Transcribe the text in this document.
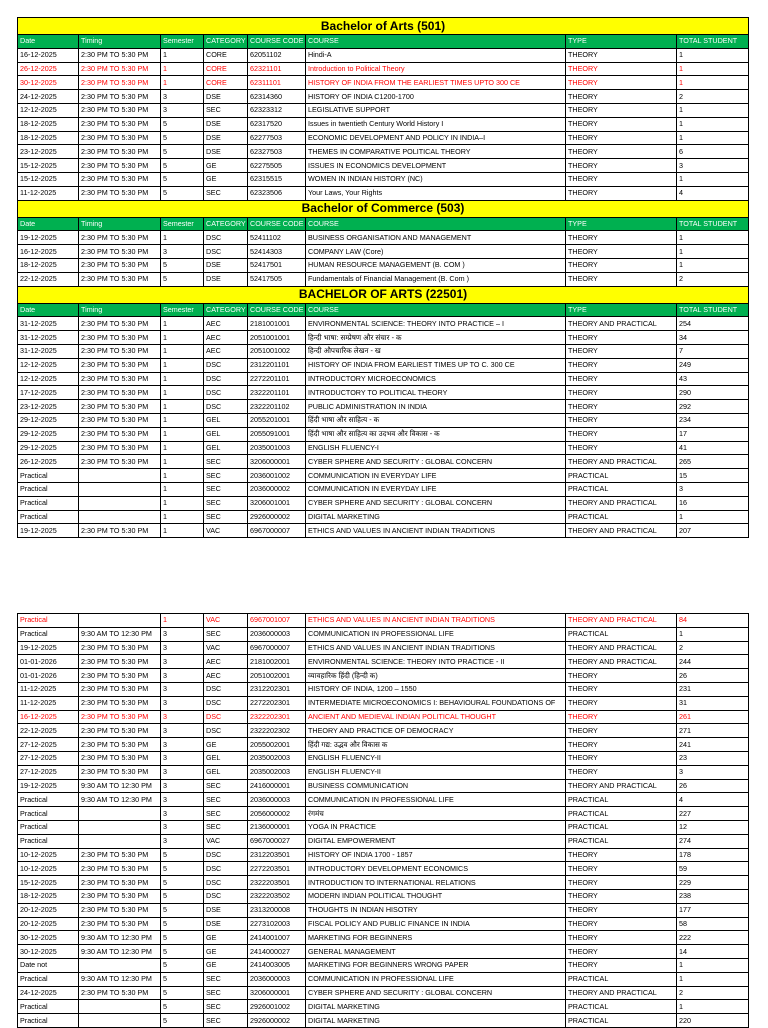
Bachelor of Arts (501)							
Date	Timing	Semester	CATEGORY	COURSE CODE	COURSE	TYPE	TOTAL STUDENT
16-12-2025	2:30 PM TO 5:30 PM	1	CORE	62051102	Hindi-A	THEORY	1
26-12-2025	2:30 PM TO 5:30 PM	1	CORE	62321101	Introduction to Political Theory	THEORY	1
30-12-2025	2:30 PM TO 5:30 PM	1	CORE	62311101	HISTORY OF INDIA FROM THE EARLIEST TIMES UPTO 300 CE	THEORY	1
24-12-2025	2:30 PM TO 5:30 PM	3	DSE	62314360	HISTORY OF INDIA C1200-1700	THEORY	2
12-12-2025	2:30 PM TO 5:30 PM	3	SEC	62323312	LEGISLATIVE SUPPORT	THEORY	1
18-12-2025	2:30 PM TO 5:30 PM	5	DSE	62317520	Issues in twentieth Century World History I	THEORY	1
18-12-2025	2:30 PM TO 5:30 PM	5	DSE	62277503	ECONOMIC DEVELOPMENT AND POLICY IN INDIA–I	THEORY	1
23-12-2025	2:30 PM TO 5:30 PM	5	DSE	62327503	THEMES IN COMPARATIVE POLITICAL THEORY	THEORY	6
15-12-2025	2:30 PM TO 5:30 PM	5	GE	62275505	ISSUES IN ECONOMICS DEVELOPMENT	THEORY	3
15-12-2025	2:30 PM TO 5:30 PM	5	GE	62315515	WOMEN IN INDIAN HISTORY (NC)	THEORY	1
11-12-2025	2:30 PM TO 5:30 PM	5	SEC	62323506	Your Laws, Your Rights	THEORY	4
Bachelor of Commerce (503)							
Date	Timing	Semester	CATEGORY	COURSE CODE	COURSE	TYPE	TOTAL STUDENT
19-12-2025	2:30 PM TO 5:30 PM	1	DSC	52411102	BUSINESS ORGANISATION AND MANAGEMENT	THEORY	1
16-12-2025	2:30 PM TO 5:30 PM	3	DSC	52414303	COMPANY LAW (Core)	THEORY	1
18-12-2025	2:30 PM TO 5:30 PM	5	DSE	52417501	HUMAN RESOURCE MANAGEMENT (B. COM )	THEORY	1
22-12-2025	2:30 PM TO 5:30 PM	5	DSE	52417505	Fundamentals of Financial Management (B. Com )	THEORY	2
BACHELOR OF ARTS (22501)							
Date	Timing	Semester	CATEGORY	COURSE CODE	COURSE	TYPE	TOTAL STUDENT
31-12-2025	2:30 PM TO 5:30 PM	1	AEC	2181001001	ENVIRONMENTAL SCIENCE: THEORY INTO PRACTICE – I	THEORY AND PRACTICAL	254
31-12-2025	2:30 PM TO 5:30 PM	1	AEC	2051001001	हिन्दी भाषा: सम्प्रेषण और संचार - क	THEORY	34
31-12-2025	2:30 PM TO 5:30 PM	1	AEC	2051001002	हिन्दी औपचारिक लेखन - ख	THEORY	7
12-12-2025	2:30 PM TO 5:30 PM	1	DSC	2312201101	HISTORY OF INDIA FROM EARLIEST TIMES UP TO C. 300 CE	THEORY	249
12-12-2025	2:30 PM TO 5:30 PM	1	DSC	2272201101	INTRODUCTORY MICROECONOMICS	THEORY	43
17-12-2025	2:30 PM TO 5:30 PM	1	DSC	2322201101	INTRODUCTORY TO POLITICAL THEORY	THEORY	290
23-12-2025	2:30 PM TO 5:30 PM	1	DSC	2322201102	PUBLIC ADMINISTRATION IN INDIA	THEORY	292
29-12-2025	2:30 PM TO 5:30 PM	1	GEL	2055201001	हिंदी भाषा और साहित्य - क	THEORY	234
29-12-2025	2:30 PM TO 5:30 PM	1	GEL	2055091001	हिंदी भाषा और साहित्य का उदभव और विकास - क	THEORY	17
29-12-2025	2:30 PM TO 5:30 PM	1	GEL	2035001003	ENGLISH FLUENCY-I	THEORY	41
26-12-2025	2:30 PM TO 5:30 PM	1	SEC	3206000001	CYBER SPHERE AND SECURITY : GLOBAL CONCERN	THEORY AND PRACTICAL	265
Practical		1	SEC	2036001002	COMMUNICATION IN EVERYDAY LIFE	PRACTICAL	15
Practical		1	SEC	2036000002	COMMUNICATION IN EVERYDAY LIFE	PRACTICAL	3
Practical		1	SEC	3206001001	CYBER SPHERE AND SECURITY : GLOBAL CONCERN	THEORY AND PRACTICAL	16
Practical		1	SEC	2926000002	DIGITAL MARKETING	PRACTICAL	1
19-12-2025	2:30 PM TO 5:30 PM	1	VAC	6967000007	ETHICS AND VALUES IN ANCIENT INDIAN TRADITIONS	THEORY AND PRACTICAL	207
Practical		1	VAC	6967001007	ETHICS AND VALUES IN ANCIENT INDIAN TRADITIONS	THEORY AND PRACTICAL	84
Practical	9:30 AM TO 12:30 PM	3	SEC	2036000003	COMMUNICATION IN PROFESSIONAL LIFE	PRACTICAL	1
19-12-2025	2:30 PM TO 5:30 PM	3	VAC	6967000007	ETHICS AND VALUES IN ANCIENT INDIAN TRADITIONS	THEORY AND PRACTICAL	2
01-01-2026	2:30 PM TO 5:30 PM	3	AEC	2181002001	ENVIRONMENTAL SCIENCE: THEORY INTO PRACTICE - II	THEORY AND PRACTICAL	244
01-01-2026	2:30 PM TO 5:30 PM	3	AEC	2051002001	व्यावहारिक हिंदी (हिन्दी क)	THEORY	26
11-12-2025	2:30 PM TO 5:30 PM	3	DSC	2312202301	HISTORY OF INDIA, 1200 – 1550	THEORY	231
11-12-2025	2:30 PM TO 5:30 PM	3	DSC	2272202301	INTERMEDIATE MICROECONOMICS I: BEHAVIOURAL FOUNDATIONS OF	THEORY	31
16-12-2025	2:30 PM TO 5:30 PM	3	DSC	2322202301	ANCIENT AND MEDIEVAL INDIAN POLITICAL THOUGHT	THEORY	261
22-12-2025	2:30 PM TO 5:30 PM	3	DSC	2322202302	THEORY AND PRACTICE OF DEMOCRACY	THEORY	271
27-12-2025	2:30 PM TO 5:30 PM	3	GE	2055002001	हिंदी गद्य: उद्भव और विकास क	THEORY	241
27-12-2025	2:30 PM TO 5:30 PM	3	GEL	2035002003	ENGLISH FLUENCY-II	THEORY	23
27-12-2025	2:30 PM TO 5:30 PM	3	GEL	2035002003	ENGLISH FLUENCY-II	THEORY	3
19-12-2025	9:30 AM TO 12:30 PM	3	SEC	2416000001	BUSINESS COMMUNICATION	THEORY AND PRACTICAL	26
Practical	9:30 AM TO 12:30 PM	3	SEC	2036000003	COMMUNICATION IN PROFESSIONAL LIFE	PRACTICAL	4
Practical		3	SEC	2056000002	रंगमंच	PRACTICAL	227
Practical		3	SEC	2136000001	YOGA IN PRACTICE	PRACTICAL	12
Practical		3	VAC	6967000027	DIGITAL EMPOWERMENT	PRACTICAL	274
10-12-2025	2:30 PM TO 5:30 PM	5	DSC	2312203501	HISTORY OF INDIA 1700 - 1857	THEORY	178
10-12-2025	2:30 PM TO 5:30 PM	5	DSC	2272203501	INTRODUCTORY DEVELOPMENT ECONOMICS	THEORY	59
15-12-2025	2:30 PM TO 5:30 PM	5	DSC	2322203501	INTRODUCTION TO INTERNATIONAL RELATIONS	THEORY	229
18-12-2025	2:30 PM TO 5:30 PM	5	DSC	2322203502	MODERN INDIAN POLITICAL THOUGHT	THEORY	238
20-12-2025	2:30 PM TO 5:30 PM	5	DSE	2313200008	THOUGHTS IN INDIAN HISOTRY	THEORY	177
20-12-2025	2:30 PM TO 5:30 PM	5	DSE	2273102003	FISCAL POLICY AND PUBLIC FINANCE IN INDIA	THEORY	58
30-12-2025	9:30 AM TO 12:30 PM	5	GE	2414001007	MARKETING FOR BEGINNERS	THEORY	222
30-12-2025	9:30 AM TO 12:30 PM	5	GE	2414000027	GENERAL MANAGEMENT	THEORY	14
Date not		5	GE	2414003005	MARKETING FOR BEGINNERS WRONG PAPER	THEORY	1
Practical	9:30 AM TO 12:30 PM	5	SEC	2036000003	COMMUNICATION IN PROFESSIONAL LIFE	PRACTICAL	1
24-12-2025	2:30 PM TO 5:30 PM	5	SEC	3206000001	CYBER SPHERE AND SECURITY : GLOBAL CONCERN	THEORY AND PRACTICAL	2
Practical		5	SEC	2926001002	DIGITAL MARKETING	PRACTICAL	1
Practical		5	SEC	2926000002	DIGITAL MARKETING	PRACTICAL	220
